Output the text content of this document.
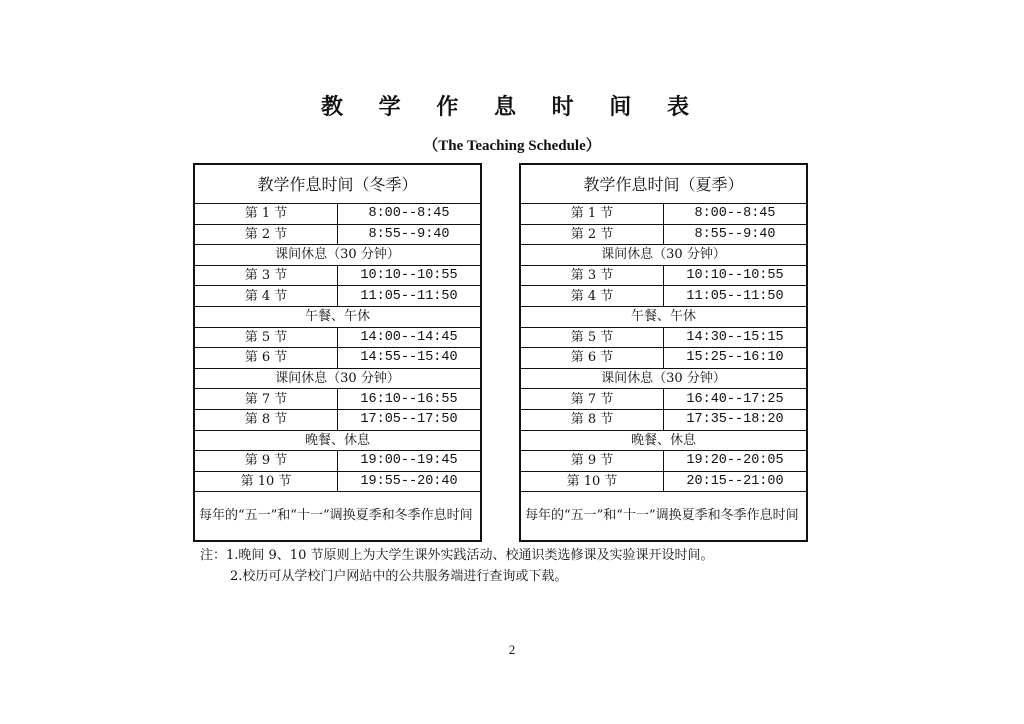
教 学 作 息 时 间 表
（The Teaching Schedule）
教学作息时间（冬季）	
第 1 节	8:00--8:45
第 2 节	8:55--9:40
课间休息（30 分钟）	
第 3 节	10:10--10:55
第 4 节	11:05--11:50
午餐、午休	
第 5 节	14:00--14:45
第 6 节	14:55--15:40
课间休息（30 分钟）	
第 7 节	16:10--16:55
第 8 节	17:05--17:50
晚餐、休息	
第 9 节	19:00--19:45
第 10 节	19:55--20:40
每年的“五一”和“十一”调换夏季和冬季作息时间	
教学作息时间（夏季）	
第 1 节	8:00--8:45
第 2 节	8:55--9:40
课间休息（30 分钟）	
第 3 节	10:10--10:55
第 4 节	11:05--11:50
午餐、午休	
第 5 节	14:30--15:15
第 6 节	15:25--16:10
课间休息（30 分钟）	
第 7 节	16:40--17:25
第 8 节	17:35--18:20
晚餐、休息	
第 9 节	19:20--20:05
第 10 节	20:15--21:00
每年的“五一”和“十一”调换夏季和冬季作息时间	
注：1.晚间 9、10 节原则上为大学生课外实践活动、校通识类选修课及实验课开设时间。
2.校历可从学校门户网站中的公共服务端进行查询或下载。
2
